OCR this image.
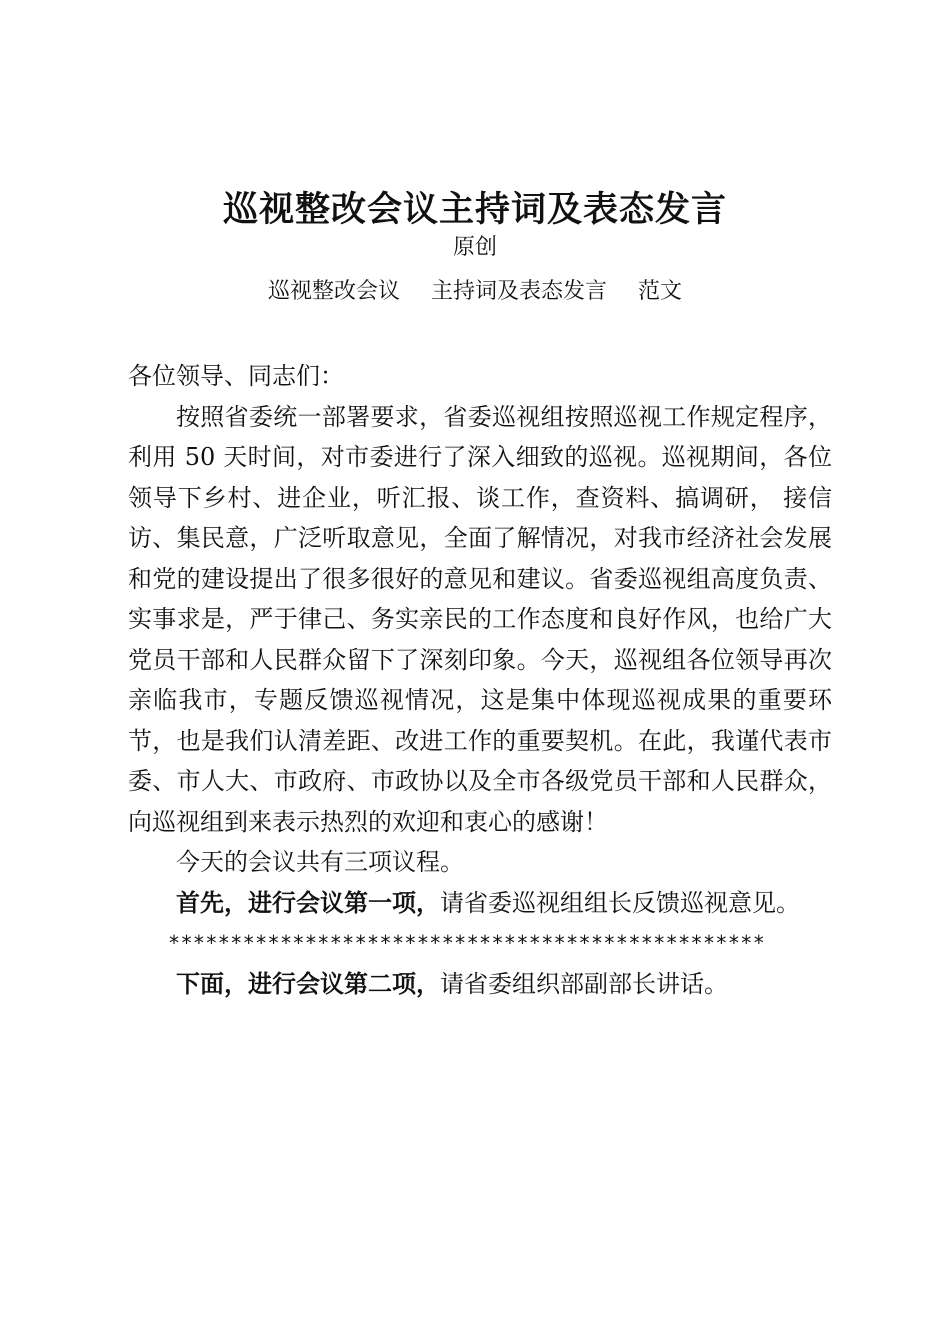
巡视整改会议主持词及表态发言
原创
巡视整改会议 主持词及表态发言 范文

各位领导、同志们：

按照省委统一部署要求，省委巡视组按照巡视工作规定程序，利用 50 天时间，对市委进行了深入细致的巡视。巡视期间，各位领导下乡村、进企业，听汇报、谈工作，查资料、搞调研， 接信访、集民意，广泛听取意见，全面了解情况，对我市经济社会发展和党的建设提出了很多很好的意见和建议。省委巡视组高度负责、实事求是，严于律己、务实亲民的工作态度和良好作风，也给广大党员干部和人民群众留下了深刻印象。今天，巡视组各位领导再次亲临我市，专题反馈巡视情况，这是集中体现巡视成果的重要环节，也是我们认清差距、改进工作的重要契机。在此，我谨代表市委、市人大、市政府、市政协以及全市各级党员干部和人民群众，向巡视组到来表示热烈的欢迎和衷心的感谢！

今天的会议共有三项议程。

首先，进行会议第一项，请省委巡视组组长反馈巡视意见。

************************************************

下面，进行会议第二项，请省委组织部副部长讲话。
